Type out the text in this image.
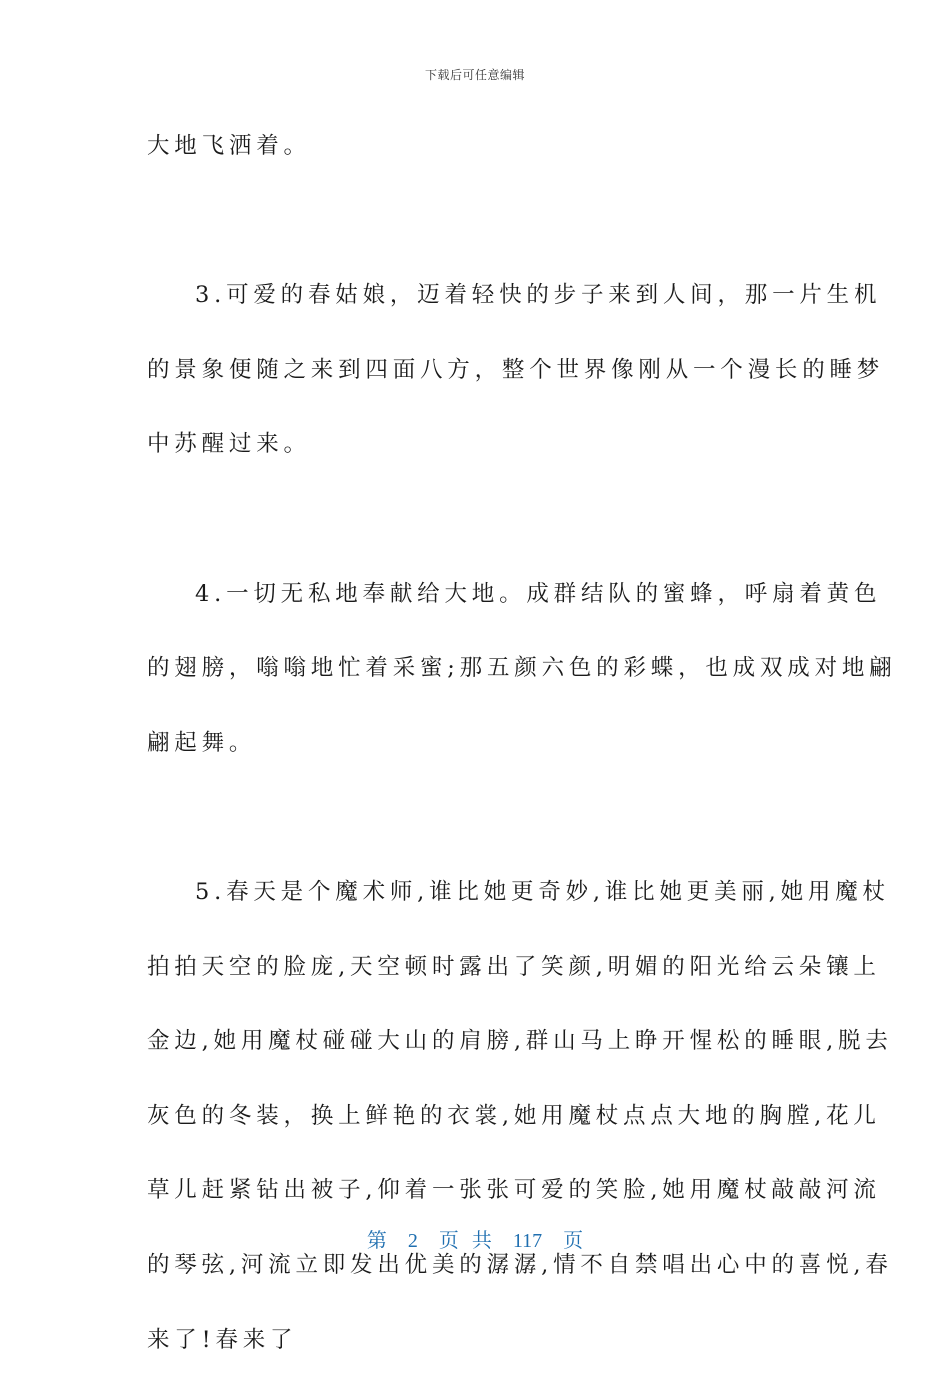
下载后可任意编辑
大地飞洒着。
3.可爱的春姑娘，迈着轻快的步子来到人间，那一片生机
的景象便随之来到四面八方，整个世界像刚从一个漫长的睡梦
中苏醒过来。
4.一切无私地奉献给大地。成群结队的蜜蜂，呼扇着黄色
的翅膀，嗡嗡地忙着采蜜;那五颜六色的彩蝶，也成双成对地翩
翩起舞。
5.春天是个魔术师,谁比她更奇妙,谁比她更美丽,她用魔杖
拍拍天空的脸庞,天空顿时露出了笑颜,明媚的阳光给云朵镶上
金边,她用魔杖碰碰大山的肩膀,群山马上睁开惺松的睡眼,脱去
灰色的冬装，换上鲜艳的衣裳,她用魔杖点点大地的胸膛,花儿
草儿赶紧钻出被子,仰着一张张可爱的笑脸,她用魔杖敲敲河流
的琴弦,河流立即发出优美的潺潺,情不自禁唱出心中的喜悦,春
来了!春来了
第 2 页 共 117 页
